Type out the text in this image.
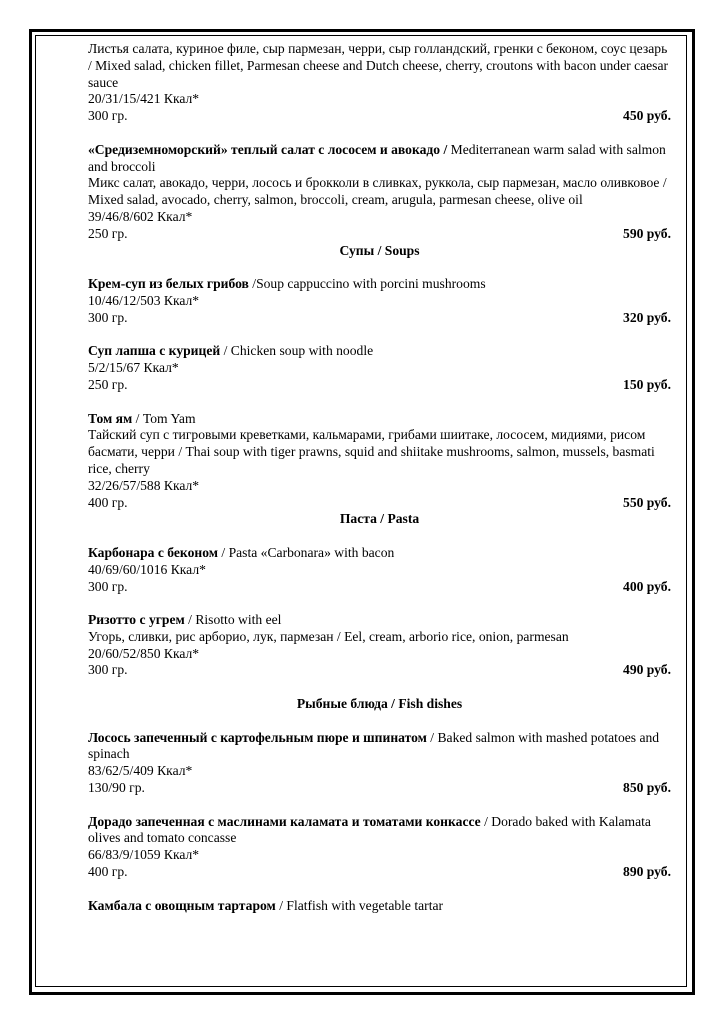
Листья салата, куриное филе, сыр пармезан, черри, сыр голландский, гренки с беконом, соус цезарь / Mixed salad, chicken fillet, Parmesan cheese and Dutch cheese, cherry, croutons with bacon under caesar sauce
20/31/15/421 Ккал*
300 гр.	450 руб.
«Средиземноморский» теплый салат с лососем и авокадо / Mediterranean warm salad with salmon and broccoli
Микс салат, авокадо, черри, лосось и брокколи в сливках, руккола, сыр пармезан, масло оливковое / Mixed salad, avocado, cherry, salmon, broccoli, cream, arugula, parmesan cheese, olive oil
39/46/8/602 Ккал*
250 гр.	590 руб.
Супы / Soups
Крем-суп из белых грибов /Soup cappuccino with porcini mushrooms
10/46/12/503 Ккал*
300 гр.	320 руб.
Суп лапша с курицей / Chicken soup with noodle
5/2/15/67 Ккал*
250 гр.	150 руб.
Том ям / Tom Yam
Тайский суп с тигровыми креветками, кальмарами, грибами шиитаке, лососем, мидиями, рисом басмати, черри / Thai soup with tiger prawns, squid and shiitake mushrooms, salmon, mussels, basmati rice, cherry
32/26/57/588 Ккал*
400 гр.	550 руб.
Паста / Pasta
Карбонара с беконом / Pasta «Carbonara» with bacon
40/69/60/1016 Ккал*
300 гр.	400 руб.
Ризотто с угрем / Risotto with eel
Угорь, сливки, рис арборио, лук, пармезан / Eel, cream, arborio rice, onion, parmesan
20/60/52/850 Ккал*
300 гр.	490 руб.
Рыбные блюда / Fish dishes
Лосось запеченный с картофельным пюре и шпинатом / Baked salmon with mashed potatoes and spinach
83/62/5/409 Ккал*
130/90 гр.	850 руб.
Дорадо запеченная с маслинами каламата и томатами конкассе / Dorado baked with Kalamata olives and tomato concasse
66/83/9/1059 Ккал*
400 гр.	890 руб.
Камбала с овощным тартаром / Flatfish with vegetable tartar
